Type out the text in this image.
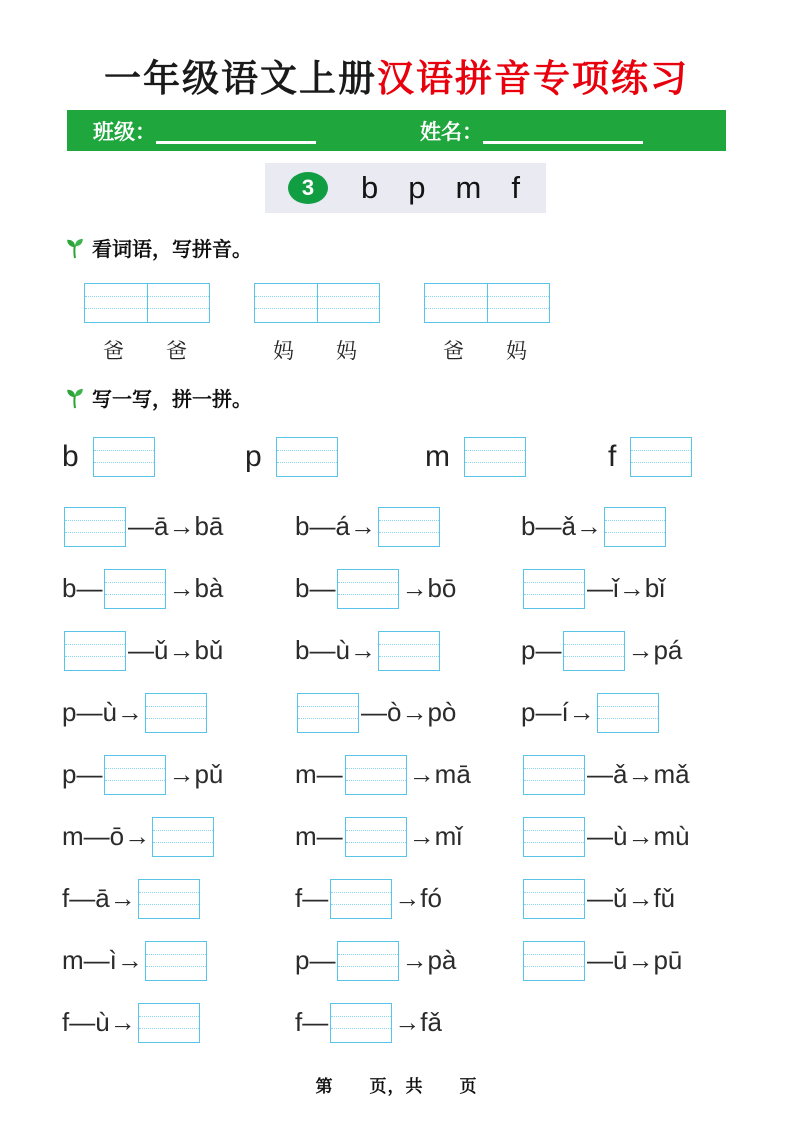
一年级语文上册汉语拼音专项练习
班级：	姓名：
3	b p m f
看词语，写拼音。
爸	爸	妈	妈	爸	妈
写一写，拼一拼。
b	p	m	f
—ā→bā	b—á→	b—ǎ→
b—	→bà	b—	→bō	—ǐ→bǐ
—ǔ→bǔ	b—ù→	p—	→pá
p—ù→	—ò→pò p—í→
p—	→pǔ	m—	→mā	—ǎ→mǎ
m—ō→	m—	→mǐ	—ù→mù
f—ā→	f—	→fó	—ǔ→fǔ
m—ì→	p—	→pà	—ū→pū
f—ù→	f—	→fǎ
第　　页，共　　页
